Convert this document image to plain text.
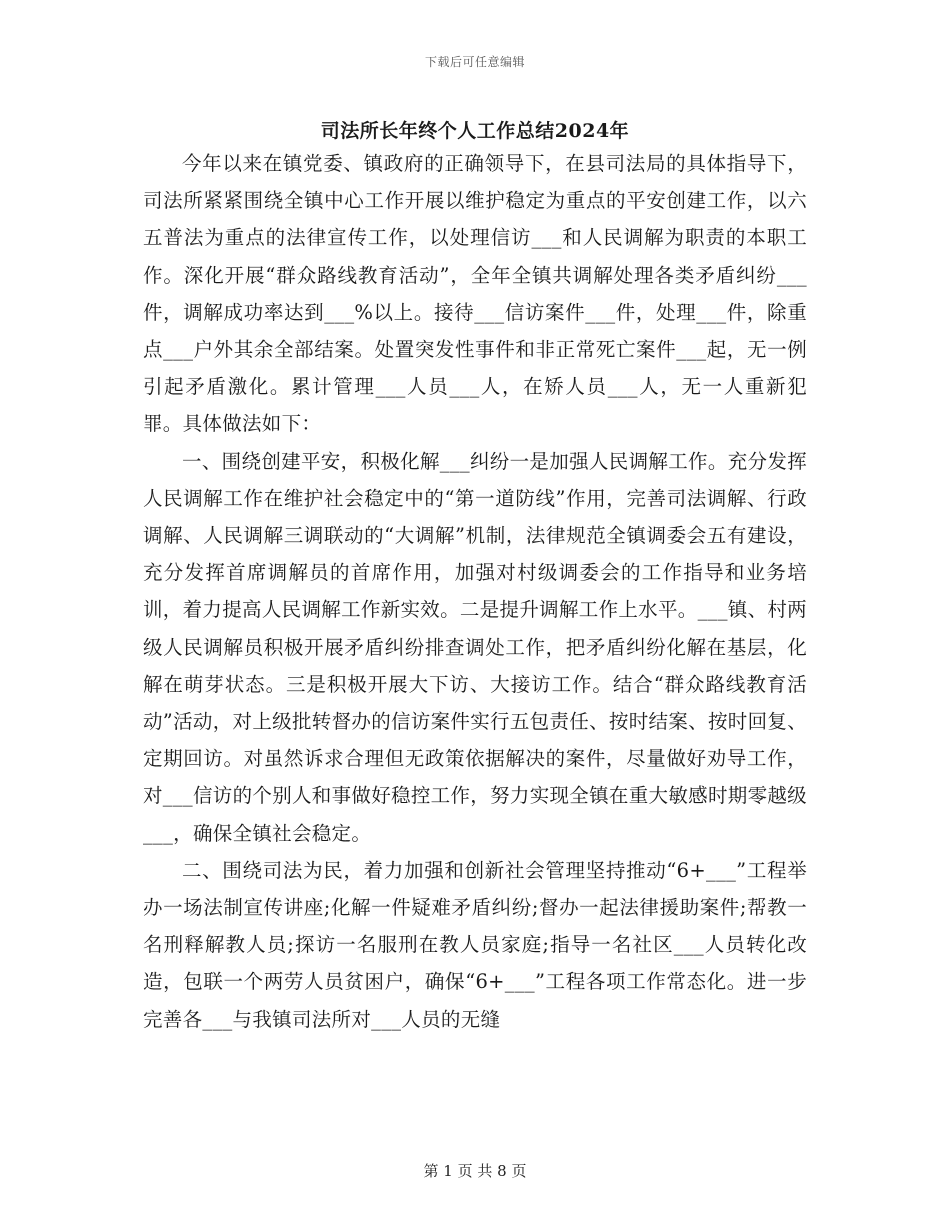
下载后可任意编辑
司法所长年终个人工作总结2024年

今年以来在镇党委、镇政府的正确领导下，在县司法局的具体指导下，司法所紧紧围绕全镇中心工作开展以维护稳定为重点的平安创建工作，以六五普法为重点的法律宣传工作，以处理信访___和人民调解为职责的本职工作。深化开展“群众路线教育活动”，全年全镇共调解处理各类矛盾纠纷___件，调解成功率达到___%以上。接待___信访案件___件，处理___件，除重点___户外其余全部结案。处置突发性事件和非正常死亡案件___起，无一例引起矛盾激化。累计管理___人员___人，在矫人员___人，无一人重新犯罪。具体做法如下：

一、围绕创建平安，积极化解___纠纷一是加强人民调解工作。充分发挥人民调解工作在维护社会稳定中的“第一道防线”作用，完善司法调解、行政调解、人民调解三调联动的“大调解”机制，法律规范全镇调委会五有建设，充分发挥首席调解员的首席作用，加强对村级调委会的工作指导和业务培训，着力提高人民调解工作新实效。二是提升调解工作上水平。___镇、村两级人民调解员积极开展矛盾纠纷排查调处工作，把矛盾纠纷化解在基层，化解在萌芽状态。三是积极开展大下访、大接访工作。结合“群众路线教育活动”活动，对上级批转督办的信访案件实行五包责任、按时结案、按时回复、定期回访。对虽然诉求合理但无政策依据解决的案件，尽量做好劝导工作，对___信访的个别人和事做好稳控工作，努力实现全镇在重大敏感时期零越级___，确保全镇社会稳定。

二、围绕司法为民，着力加强和创新社会管理坚持推动“6+___”工程举办一场法制宣传讲座;化解一件疑难矛盾纠纷;督办一起法律援助案件;帮教一名刑释解教人员;探访一名服刑在教人员家庭;指导一名社区___人员转化改造，包联一个两劳人员贫困户，确保“6+___”工程各项工作常态化。进一步完善各___与我镇司法所对___人员的无缝

第 1 页 共 8 页
